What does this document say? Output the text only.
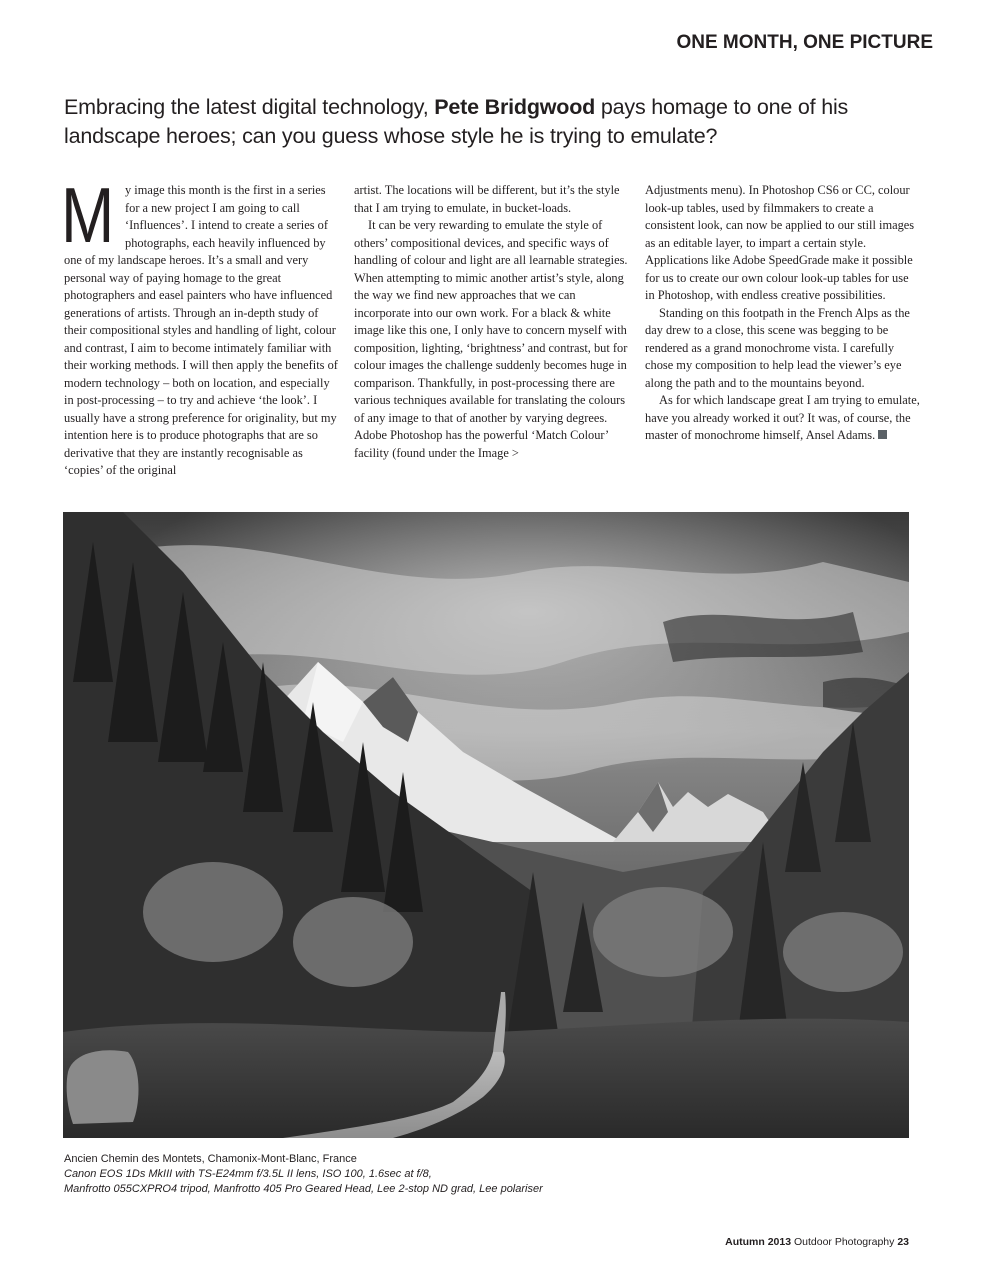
ONE MONTH, ONE PICTURE
Embracing the latest digital technology, Pete Bridgwood pays homage to one of his landscape heroes; can you guess whose style he is trying to emulate?

My image this month is the first in a series for a new project I am going to call ‘Influences’. I intend to create a series of photographs, each heavily influenced by one of my landscape heroes. It’s a small and very personal way of paying homage to the great photographers and easel painters who have influenced generations of artists. Through an in-depth study of their compositional styles and handling of light, colour and contrast, I aim to become intimately familiar with their working methods. I will then apply the benefits of modern technology – both on location, and especially in post-processing – to try and achieve ‘the look’. I usually have a strong preference for originality, but my intention here is to produce photographs that are so derivative that they are instantly recognisable as ‘copies’ of the original

artist. The locations will be different, but it’s the style that I am trying to emulate, in bucket-loads.

It can be very rewarding to emulate the style of others’ compositional devices, and specific ways of handling of colour and light are all learnable strategies. When attempting to mimic another artist’s style, along the way we find new approaches that we can incorporate into our own work. For a black & white image like this one, I only have to concern myself with composition, lighting, ‘brightness’ and contrast, but for colour images the challenge suddenly becomes huge in comparison. Thankfully, in post-processing there are various techniques available for translating the colours of any image to that of another by varying degrees. Adobe Photoshop has the powerful ‘Match Colour’ facility (found under the Image >

Adjustments menu). In Photoshop CS6 or CC, colour look-up tables, used by filmmakers to create a consistent look, can now be applied to our still images as an editable layer, to impart a certain style. Applications like Adobe SpeedGrade make it possible for us to create our own colour look-up tables for use in Photoshop, with endless creative possibilities.

Standing on this footpath in the French Alps as the day drew to a close, this scene was begging to be rendered as a grand monochrome vista. I carefully chose my composition to help lead the viewer’s eye along the path and to the mountains beyond.

As for which landscape great I am trying to emulate, have you already worked it out? It was, of course, the master of monochrome himself, Ansel Adams.

Ancien Chemin des Montets, Chamonix-Mont-Blanc, France
Canon EOS 1Ds MkIII with TS-E24mm f/3.5L II lens, ISO 100, 1.6sec at f/8,
Manfrotto 055CXPRO4 tripod, Manfrotto 405 Pro Geared Head, Lee 2-stop ND grad, Lee polariser
Autumn 2013 Outdoor Photography 23
